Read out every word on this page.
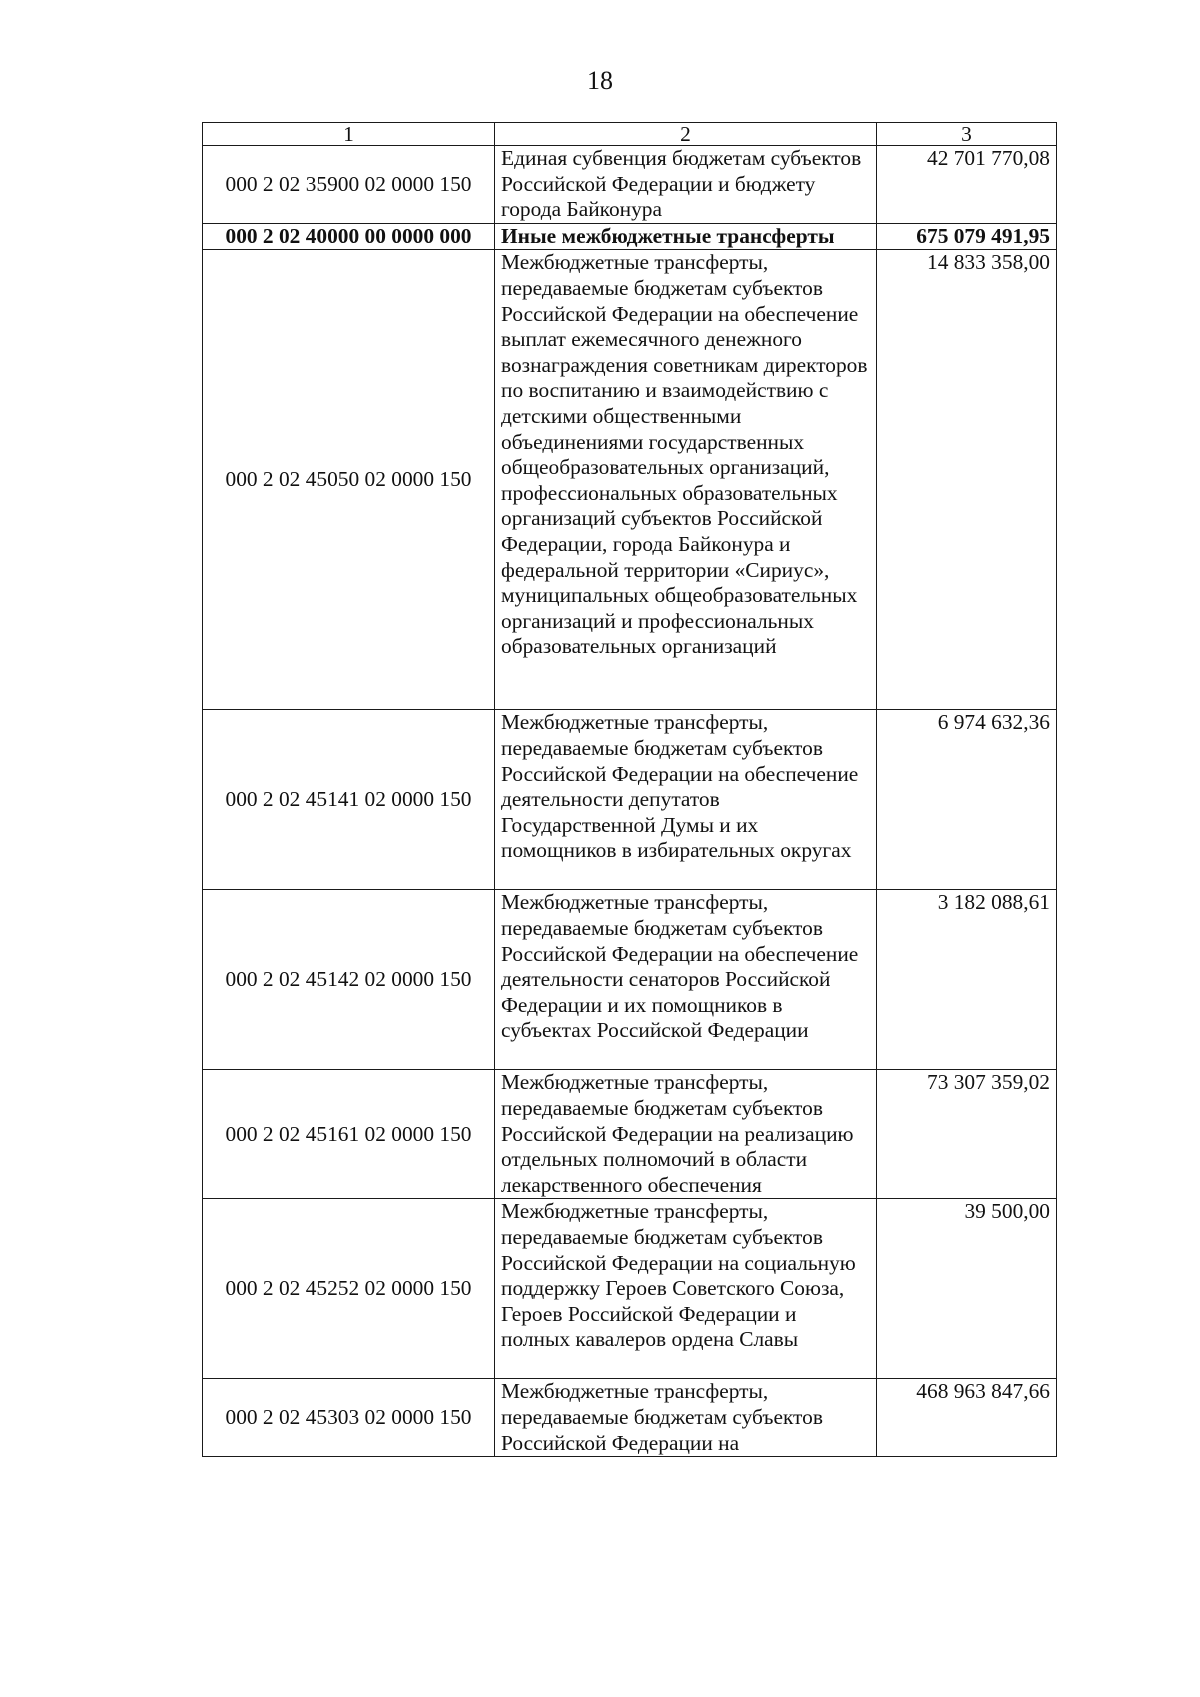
18
1	2	3
000 2 02 35900 02 0000 150	Единая субвенция бюджетам субъектов Российской Федерации и бюджету города Байконура	42 701 770,08
000 2 02 40000 00 0000 000	Иные межбюджетные трансферты	675 079 491,95
000 2 02 45050 02 0000 150	Межбюджетные трансферты, передаваемые бюджетам субъектов Российской Федерации на обеспечение выплат ежемесячного денежного вознаграждения советникам директоров по воспитанию и взаимодействию с детскими общественными объединениями государственных общеобразовательных организаций, профессиональных образовательных организаций субъектов Российской Федерации, города Байконура и федеральной территории «Сириус», муниципальных общеобразовательных организаций и профессиональных образовательных организаций	14 833 358,00
000 2 02 45141 02 0000 150	Межбюджетные трансферты, передаваемые бюджетам субъектов Российской Федерации на обеспечение деятельности депутатов Государственной Думы и их помощников в избирательных округах	6 974 632,36
000 2 02 45142 02 0000 150	Межбюджетные трансферты, передаваемые бюджетам субъектов Российской Федерации на обеспечение деятельности сенаторов Российской Федерации и их помощников в субъектах Российской Федерации	3 182 088,61
000 2 02 45161 02 0000 150	Межбюджетные трансферты, передаваемые бюджетам субъектов Российской Федерации на реализацию отдельных полномочий в области лекарственного обеспечения	73 307 359,02
000 2 02 45252 02 0000 150	Межбюджетные трансферты, передаваемые бюджетам субъектов Российской Федерации на социальную поддержку Героев Советского Союза, Героев Российской Федерации и полных кавалеров ордена Славы	39 500,00
000 2 02 45303 02 0000 150	Межбюджетные трансферты, передаваемые бюджетам субъектов Российской Федерации на	468 963 847,66
